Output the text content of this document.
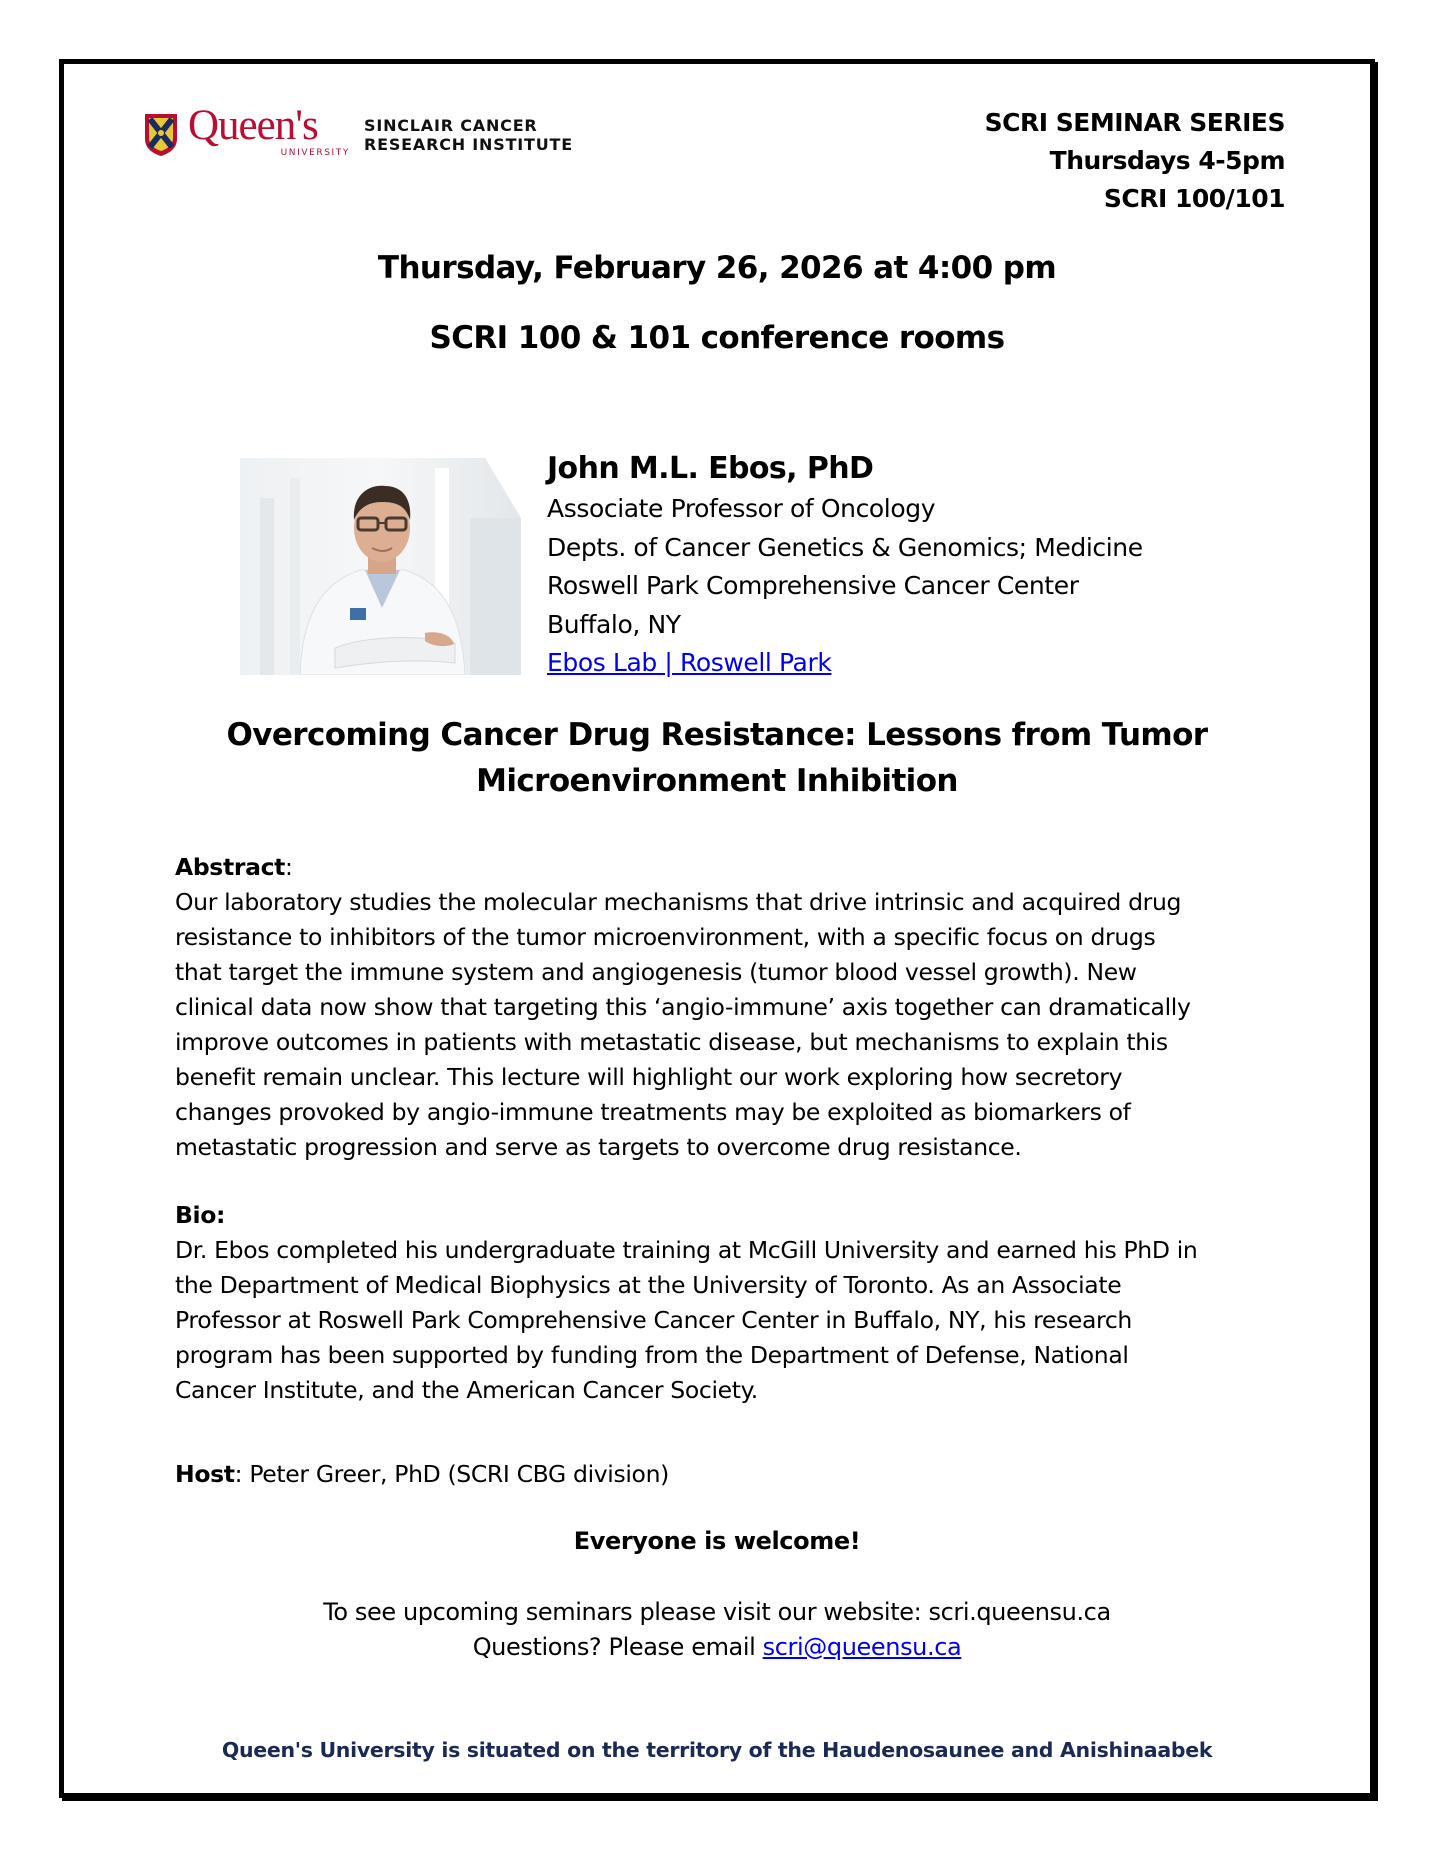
Queen's
UNIVERSITY
SINCLAIR CANCER
RESEARCH INSTITUTE
SCRI SEMINAR SERIES
Thursdays 4-5pm
SCRI 100/101
Thursday, February 26, 2026 at 4:00 pm
SCRI 100 & 101 conference rooms
John M.L. Ebos, PhD
Associate Professor of Oncology
Depts. of Cancer Genetics & Genomics; Medicine
Roswell Park Comprehensive Cancer Center
Buffalo, NY
Ebos Lab | Roswell Park
Overcoming Cancer Drug Resistance: Lessons from Tumor
Microenvironment Inhibition
Abstract:
Our laboratory studies the molecular mechanisms that drive intrinsic and acquired drug
resistance to inhibitors of the tumor microenvironment, with a specific focus on drugs
that target the immune system and angiogenesis (tumor blood vessel growth). New
clinical data now show that targeting this ‘angio-immune’ axis together can dramatically
improve outcomes in patients with metastatic disease, but mechanisms to explain this
benefit remain unclear. This lecture will highlight our work exploring how secretory
changes provoked by angio-immune treatments may be exploited as biomarkers of
metastatic progression and serve as targets to overcome drug resistance.
Bio:
Dr. Ebos completed his undergraduate training at McGill University and earned his PhD in
the Department of Medical Biophysics at the University of Toronto. As an Associate
Professor at Roswell Park Comprehensive Cancer Center in Buffalo, NY, his research
program has been supported by funding from the Department of Defense, National
Cancer Institute, and the American Cancer Society.
Host: Peter Greer, PhD (SCRI CBG division)
Everyone is welcome!
To see upcoming seminars please visit our website: scri.queensu.ca
Questions? Please email scri@queensu.ca
Queen's University is situated on the territory of the Haudenosaunee and Anishinaabek
